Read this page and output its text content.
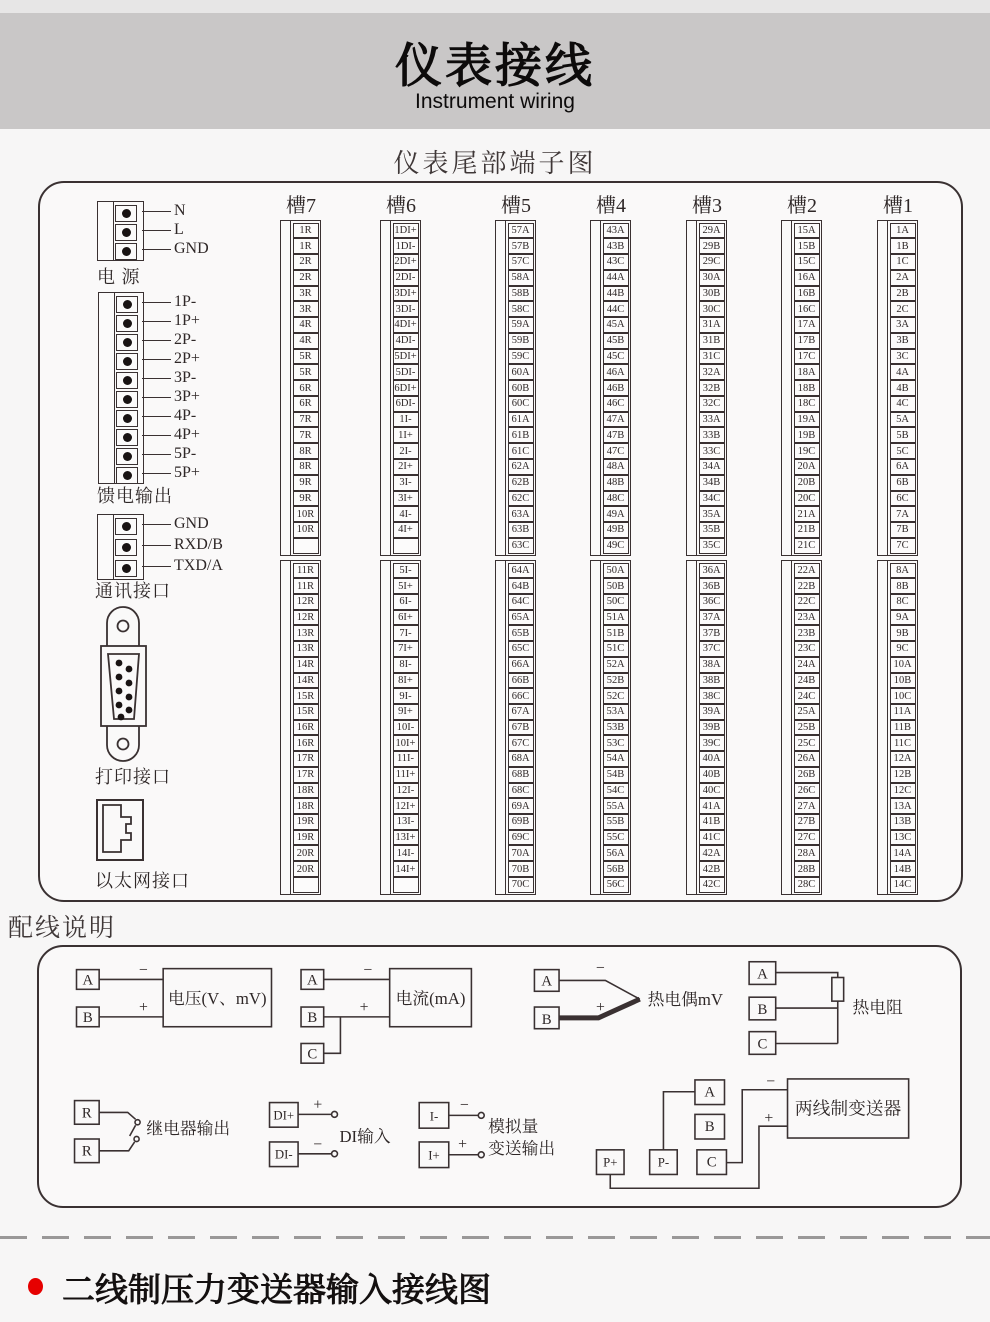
仪表接线
Instrument wiring
仪表尾部端子图
N
L
GND
1P-
1P+
2P-
2P+
3P-
3P+
4P-
4P+
5P-
5P+
GND
RXD/B
TXD/A
电 源
馈电输出
通讯接口
打印接口
以太网接口
槽7
1R
1R
2R
2R
3R
3R
4R
4R
5R
5R
6R
6R
7R
7R
8R
8R
9R
9R
10R
10R
11R
11R
12R
12R
13R
13R
14R
14R
15R
15R
16R
16R
17R
17R
18R
18R
19R
19R
20R
20R
槽6
1DI+
1DI-
2DI+
2DI-
3DI+
3DI-
4DI+
4DI-
5DI+
5DI-
6DI+
6DI-
1I-
1I+
2I-
2I+
3I-
3I+
4I-
4I+
5I-
5I+
6I-
6I+
7I-
7I+
8I-
8I+
9I-
9I+
10I-
10I+
11I-
11I+
12I-
12I+
13I-
13I+
14I-
14I+
槽5
57A
57B
57C
58A
58B
58C
59A
59B
59C
60A
60B
60C
61A
61B
61C
62A
62B
62C
63A
63B
63C
64A
64B
64C
65A
65B
65C
66A
66B
66C
67A
67B
67C
68A
68B
68C
69A
69B
69C
70A
70B
70C
槽4
43A
43B
43C
44A
44B
44C
45A
45B
45C
46A
46B
46C
47A
47B
47C
48A
48B
48C
49A
49B
49C
50A
50B
50C
51A
51B
51C
52A
52B
52C
53A
53B
53C
54A
54B
54C
55A
55B
55C
56A
56B
56C
槽3
29A
29B
29C
30A
30B
30C
31A
31B
31C
32A
32B
32C
33A
33B
33C
34A
34B
34C
35A
35B
35C
36A
36B
36C
37A
37B
37C
38A
38B
38C
39A
39B
39C
40A
40B
40C
41A
41B
41C
42A
42B
42C
槽2
15A
15B
15C
16A
16B
16C
17A
17B
17C
18A
18B
18C
19A
19B
19C
20A
20B
20C
21A
21B
21C
22A
22B
22C
23A
23B
23C
24A
24B
24C
25A
25B
25C
26A
26B
26C
27A
27B
27C
28A
28B
28C
槽1
1A
1B
1C
2A
2B
2C
3A
3B
3C
4A
4B
4C
5A
5B
5C
6A
6B
6C
7A
7B
7C
8A
8B
8C
9A
9B
9C
10A
10B
10C
11A
11B
11C
12A
12B
12C
13A
13B
13C
14A
14B
14C
配线说明
A
B
−
+ 电压(V、mV)
A
B
C
−
+ 电流(mA)
A
B
−
+	热电偶mV
A
B
C
热电阻
R
R
继电器输出
DI+
DI-
+
− DI输入
I-
I+
−
+
模拟量
变送输出
A
B
C
P+	P-
−
+
两线制变送器
二线制压力变送器输入接线图
